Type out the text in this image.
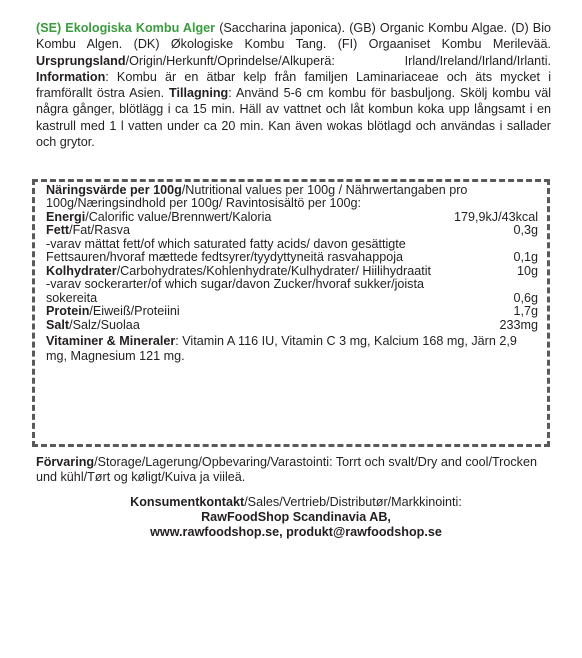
(SE) Ekologiska Kombu Alger (Saccharina japonica). (GB) Organic Kombu Algae. (D) Bio Kombu Algen. (DK) Økologiske Kombu Tang. (FI) Orgaaniset Kombu Merilevää. Ursprungsland/Origin/Herkunft/Oprindelse/Alkuperä: Irland/Ireland/Irland/Irlanti. Information: Kombu är en ätbar kelp från familjen Laminariaceae och äts mycket i framförallt östra Asien. Tillagning: Använd 5-6 cm kombu för basbuljong. Skölj kombu väl några gånger, blötlägg i ca 15 min. Häll av vattnet och låt kombun koka upp långsamt i en kastrull med 1 l vatten under ca 20 min. Kan även wokas blötlagd och användas i sallader och grytor.
Näringsvärde per 100g/Nutritional values per 100g / Nährwertangaben pro 100g/Næringsindhold per 100g/ Ravintosisältö per 100g:
Energi/Calorific value/Brennwert/Kaloria	179,9kJ/43kcal
Fett/Fat/Rasva	0,3g
-varav mättat fett/of which saturated fatty acids/ davon gesättigte Fettsauren/hvoraf mættede fedtsyrer/tyydyttyneitä rasvahappoja	0,1g
Kolhydrater/Carbohydrates/Kohlenhydrate/Kulhydrater/ Hiilihydraatit	10g
-varav sockerarter/of which sugar/davon Zucker/hvoraf sukker/joista sokereita	0,6g
Protein/Eiweiß/Proteiini	1,7g
Salt/Salz/Suolaa	233mg
Vitaminer & Mineraler: Vitamin A 116 IU, Vitamin C 3 mg, Kalcium 168 mg, Järn 2,9 mg, Magnesium 121 mg.
Förvaring/Storage/Lagerung/Opbevaring/Varastointi: Torrt och svalt/Dry and cool/Trocken und kühl/Tørt og køligt/Kuiva ja viileä.
Konsumentkontakt/Sales/Vertrieb/Distributør/Markkinointi:
RawFoodShop Scandinavia AB,
www.rawfoodshop.se, produkt@rawfoodshop.se
